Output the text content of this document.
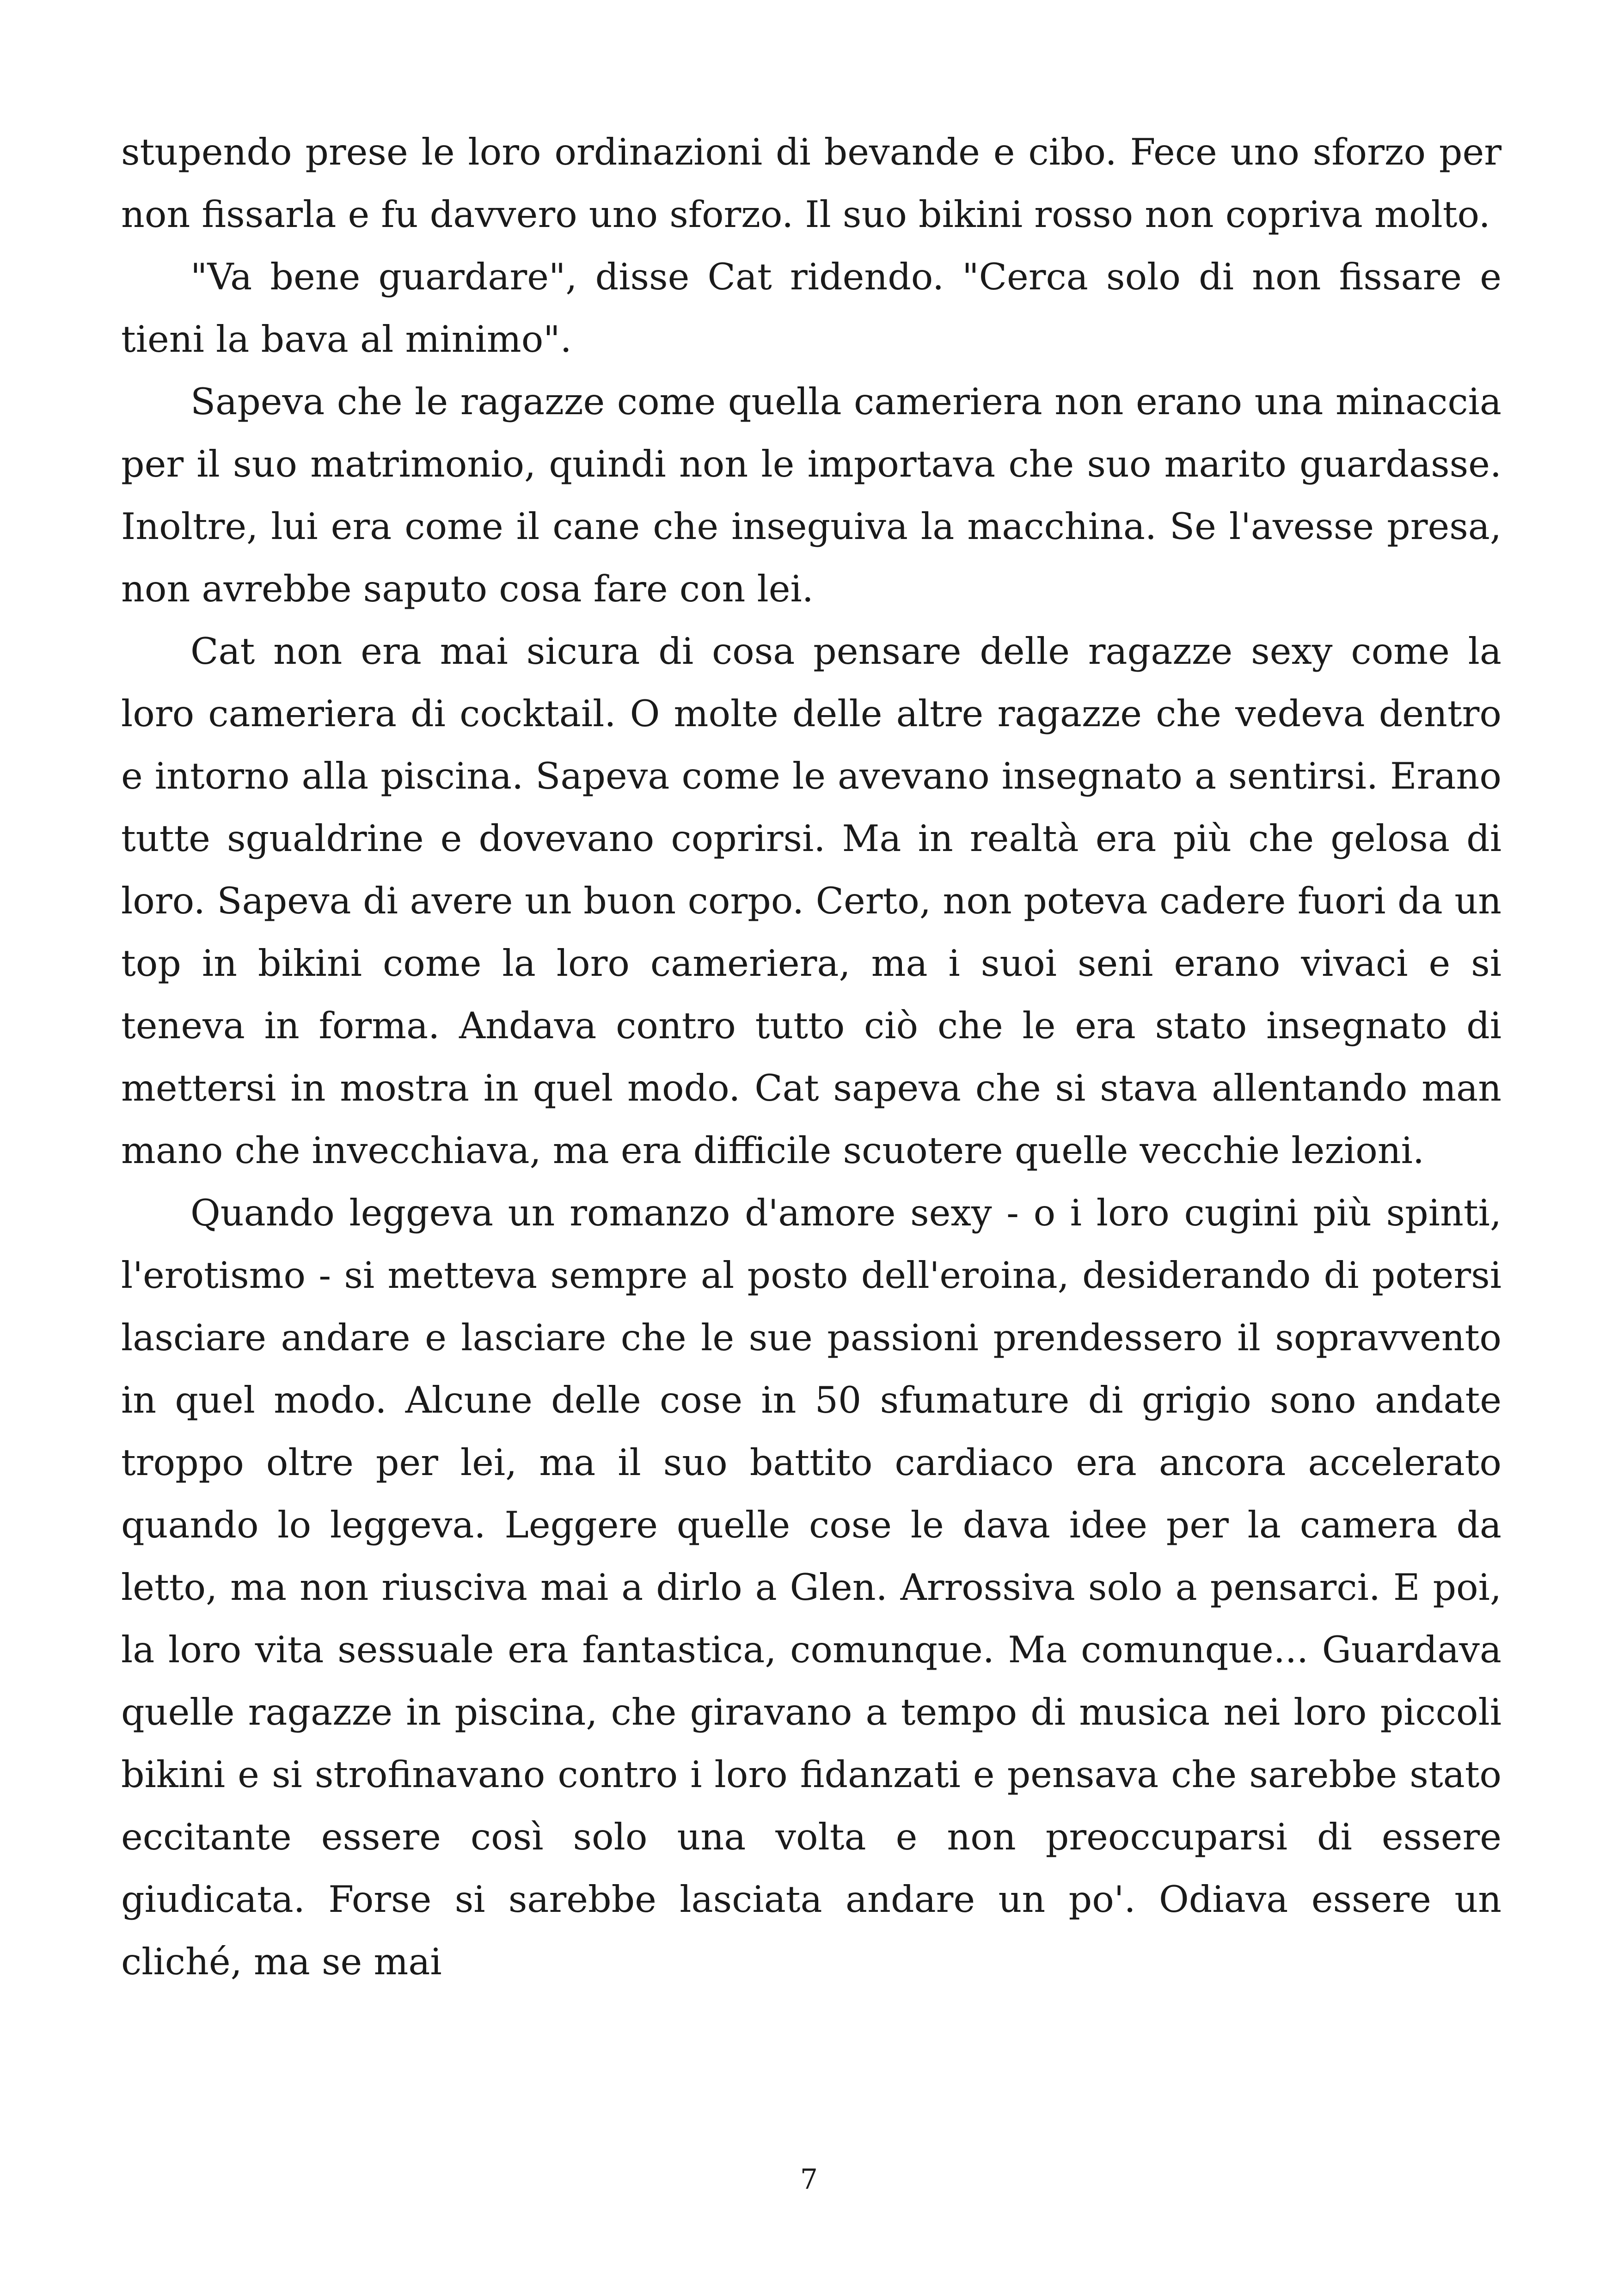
stupendo prese le loro ordinazioni di bevande e cibo. Fece uno sforzo per non fissarla e fu davvero uno sforzo. Il suo bikini rosso non copriva molto.

"Va bene guardare", disse Cat ridendo. "Cerca solo di non fissare e tieni la bava al minimo".

Sapeva che le ragazze come quella cameriera non erano una minaccia per il suo matrimonio, quindi non le importava che suo marito guardasse. Inoltre, lui era come il cane che inseguiva la macchina. Se l'avesse presa, non avrebbe saputo cosa fare con lei.

Cat non era mai sicura di cosa pensare delle ragazze sexy come la loro cameriera di cocktail. O molte delle altre ragazze che vedeva dentro e intorno alla piscina. Sapeva come le avevano insegnato a sentirsi. Erano tutte sgualdrine e dovevano coprirsi. Ma in realtà era più che gelosa di loro. Sapeva di avere un buon corpo. Certo, non poteva cadere fuori da un top in bikini come la loro cameriera, ma i suoi seni erano vivaci e si teneva in forma. Andava contro tutto ciò che le era stato insegnato di mettersi in mostra in quel modo. Cat sapeva che si stava allentando man mano che invecchiava, ma era difficile scuotere quelle vecchie lezioni.

Quando leggeva un romanzo d'amore sexy - o i loro cugini più spinti, l'erotismo - si metteva sempre al posto dell'eroina, desiderando di potersi lasciare andare e lasciare che le sue passioni prendessero il sopravvento in quel modo. Alcune delle cose in 50 sfumature di grigio sono andate troppo oltre per lei, ma il suo battito cardiaco era ancora accelerato quando lo leggeva. Leggere quelle cose le dava idee per la camera da letto, ma non riusciva mai a dirlo a Glen. Arrossiva solo a pensarci. E poi, la loro vita sessuale era fantastica, comunque. Ma comunque... Guardava quelle ragazze in piscina, che giravano a tempo di musica nei loro piccoli bikini e si strofinavano contro i loro fidanzati e pensava che sarebbe stato eccitante essere così solo una volta e non preoccuparsi di essere giudicata. Forse si sarebbe lasciata andare un po'. Odiava essere un cliché, ma se mai

7
